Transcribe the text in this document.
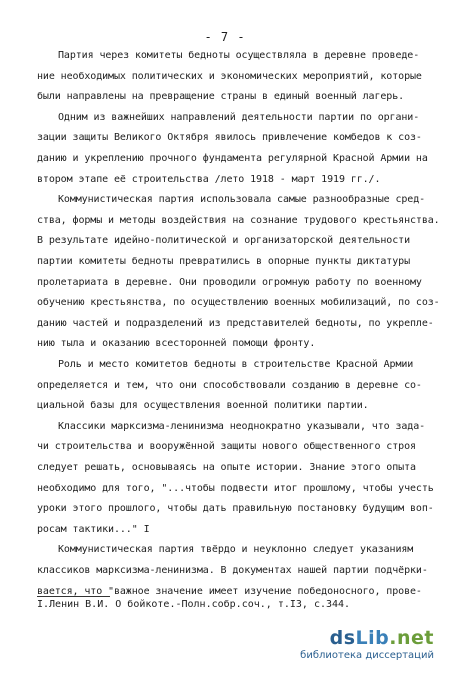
- 7 -
Партия через комитеты бедноты осуществляла в деревне проведе-
ние необходимых политических и экономических мероприятий, которые
были направлены на превращение страны в единый военный лагерь.
Одним из важнейших направлений деятельности партии по органи-
зации защиты Великого Октября явилось привлечение комбедов к соз-
данию и укреплению прочного фундамента регулярной Красной Армии на
втором этапе её строительства /лето 1918 - март 1919 гг./.
Коммунистическая партия использовала самые разнообразные сред-
ства, формы и методы воздействия на сознание трудового крестьянства.
В результате идейно-политической и организаторской деятельности
партии комитеты бедноты превратились в опорные пункты диктатуры
пролетариата в деревне. Они проводили огромную работу по военному
обучению крестьянства, по осуществлению военных мобилизаций, по соз-
данию частей и подразделений из представителей бедноты, по укрепле-
нию тыла и оказанию всесторонней помощи фронту.
Роль и место комитетов бедноты в строительстве Красной Армии
определяется и тем, что они способствовали созданию в деревне со-
циальной базы для осуществления военной политики партии.
Классики марксизма-ленинизма неоднократно указывали, что зада-
чи строительства и вооружённой защиты нового общественного строя
следует решать, основываясь на опыте истории. Знание этого опыта
необходимо для того, "...чтобы подвести итог прошлому, чтобы учесть
уроки этого прошлого, чтобы дать правильную постановку будущим воп-
росам тактики..." I
Коммунистическая партия твёрдо и неуклонно следует указаниям
классиков марксизма-ленинизма. В документах нашей партии подчёрки-
вается, что "важное значение имеет изучение победоносного, прове-
I.Ленин В.И. О бойкоте.-Полн.собр.соч., т.I3, с.344.
dsLib.net
библиотека диссертаций
